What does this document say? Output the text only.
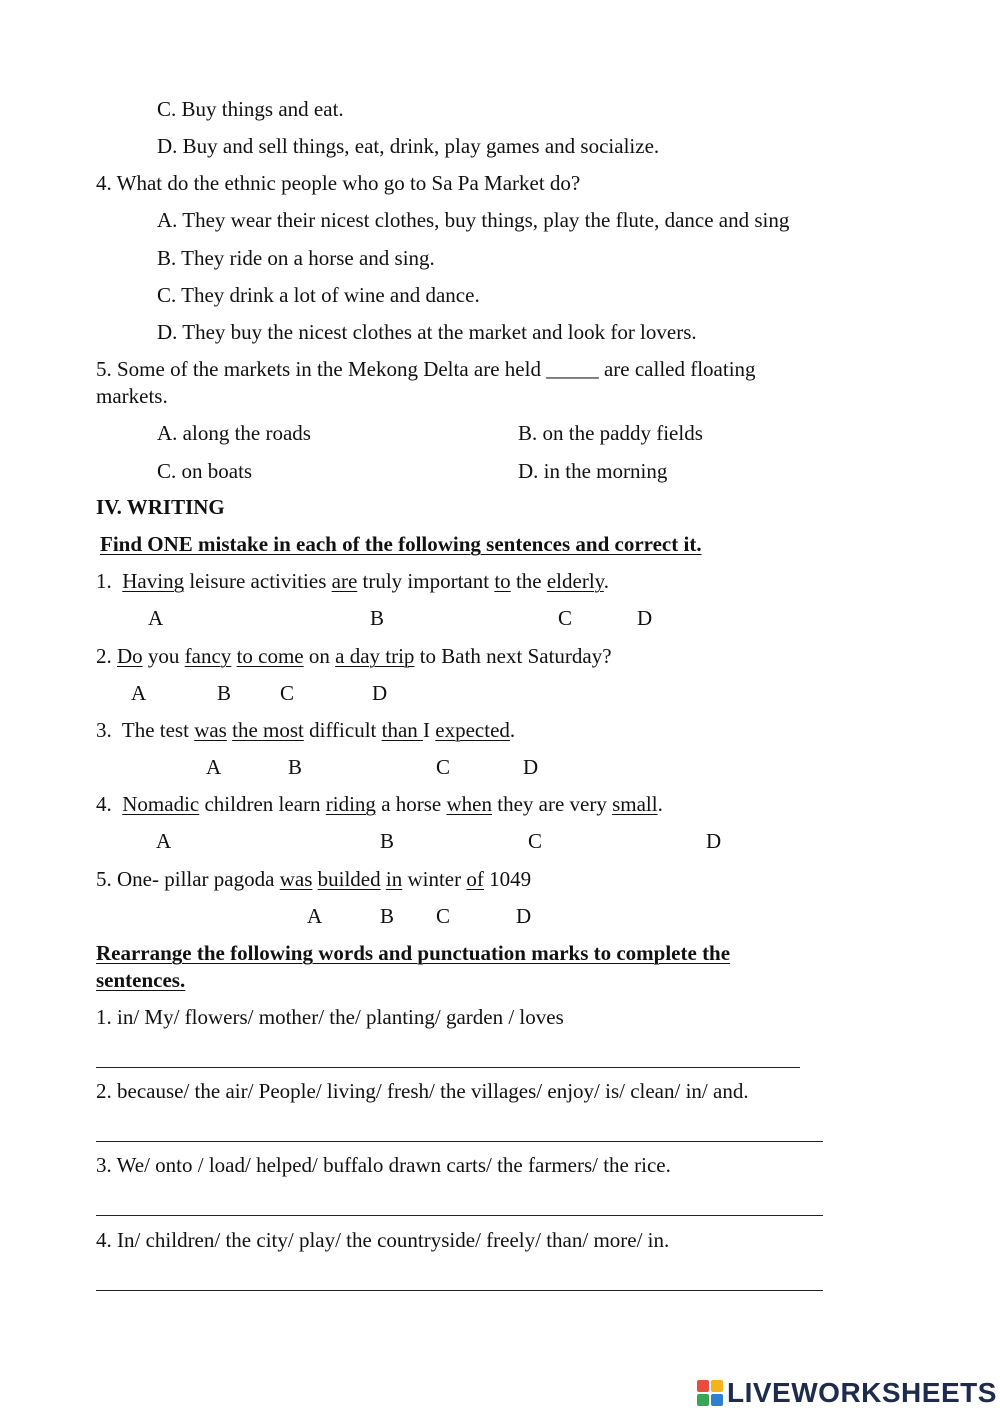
C. Buy things and eat.
D. Buy and sell things, eat, drink, play games and socialize.
4. What do the ethnic people who go to Sa Pa Market do?
A. They wear their nicest clothes, buy things, play the flute, dance and sing
B. They ride on a horse and sing.
C. They drink a lot of wine and dance.
D. They buy the nicest clothes at the market and look for lovers.
5. Some of the markets in the Mekong Delta are held _____ are called floating
markets.
A. along the roads	B. on the paddy fields
C. on boats	D. in the morning
IV. WRITING
Find ONE mistake in each of the following sentences and correct it.
1. Having leisure activities are truly important to the elderly.
A	B	C	D
2. Do you fancy to come on a day trip to Bath next Saturday?
A	B C	D
3. The test was the most difficult than I expected.
A	B	C	D
4. Nomadic children learn riding a horse when they are very small.
A	B	C	D
5. One- pillar pagoda was builded in winter of 1049
A	B C	D
Rearrange the following words and punctuation marks to complete the
sentences.
1. in/ My/ flowers/ mother/ the/ planting/ garden / loves
2. because/ the air/ People/ living/ fresh/ the villages/ enjoy/ is/ clean/ in/ and.
3. We/ onto / load/ helped/ buffalo drawn carts/ the farmers/ the rice.
4. In/ children/ the city/ play/ the countryside/ freely/ than/ more/ in.
LIVEWORKSHEETS
